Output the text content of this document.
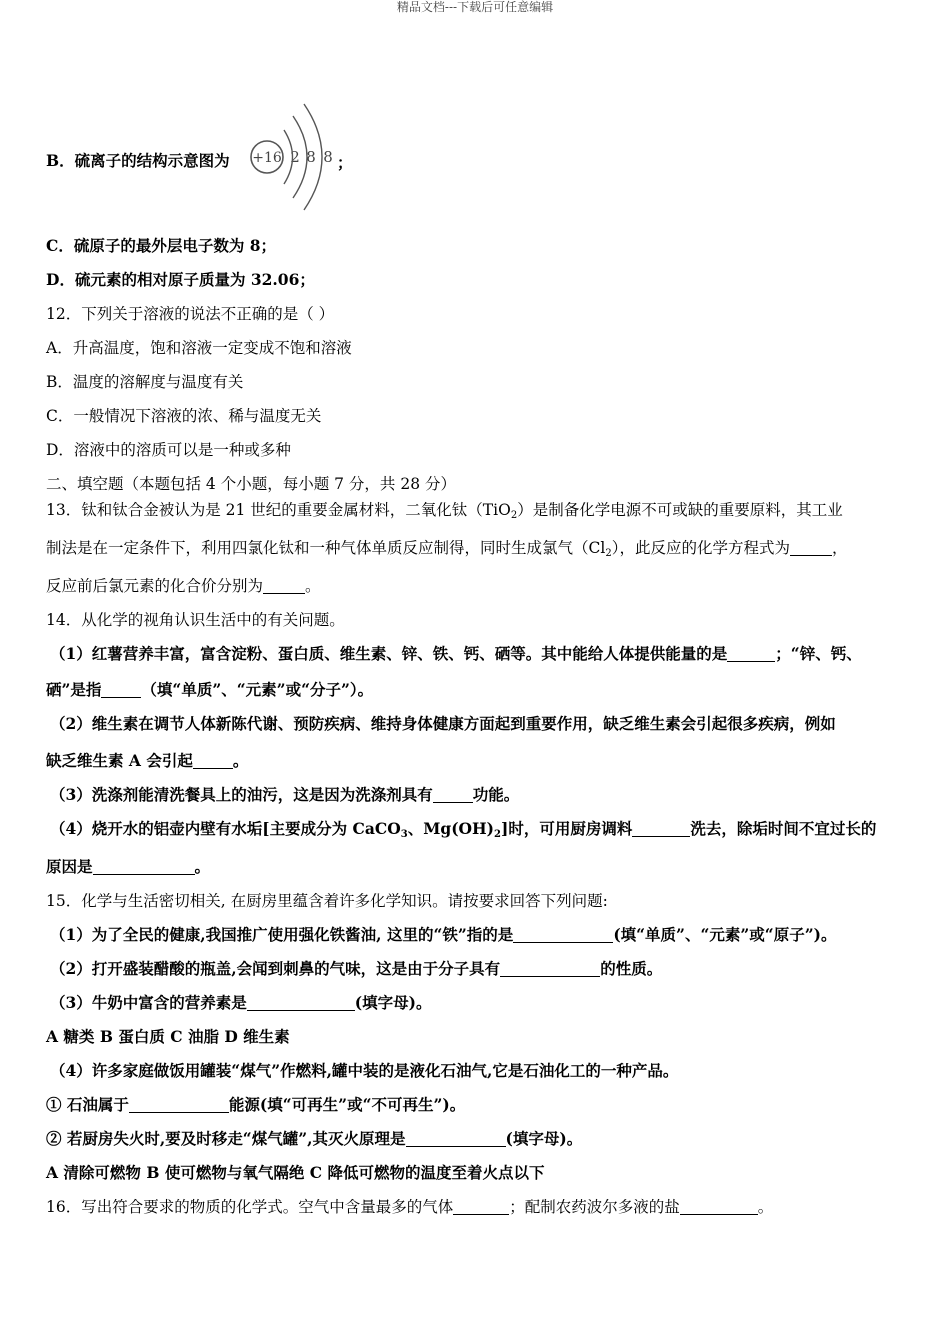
精品文档---下载后可任意编辑
B．硫离子的结构示意图为 +16 2 8 8 ；
C．硫原子的最外层电子数为 8；
D．硫元素的相对原子质量为 32.06；
12．下列关于溶液的说法不正确的是（ ）
A．升高温度，饱和溶液一定变成不饱和溶液
B．温度的溶解度与温度有关
C．一般情况下溶液的浓、稀与温度无关
D．溶液中的溶质可以是一种或多种
二、填空题（本题包括 4 个小题，每小题 7 分，共 28 分）
13．钛和钛合金被认为是 21 世纪的重要金属材料，二氧化钛（TiO$_2$）是制备化学电源不可或缺的重要原料，其工业
制法是在一定条件下，利用四氯化钛和一种气体单质反应制得，同时生成氯气$(Cl_2)$，此反应的化学方程式为	，
反应前后氯元素的化合价分别为	。
14．从化学的视角认识生活中的有关问题。
（1）红薯营养丰富，富含淀粉、蛋白质、维生素、锌、铁、钙、硒等。其中能给人体提供能量的是	；“锌、钙、
硒”是指	（填“单质”、“元素”或“分子”）。
（2）维生素在调节人体新陈代谢、预防疾病、维持身体健康方面起到重要作用，缺乏维生素会引起很多疾病，例如
缺乏维生素 A 会引起	。
（3）洗涤剂能清洗餐具上的油污，这是因为洗涤剂具有	功能。
（4）烧开水的铝壶内壁有水垢[主要成分为 CaCO$_3$、$Mg(OH)_2$]时，可用厨房调料	洗去，除垢时间不宜过长的
原因是	。
15．化学与生活密切相关, 在厨房里蕴含着许多化学知识。请按要求回答下列问题:
（1）为了全民的健康,我国推广使用强化铁酱油, 这里的“铁”指的是	(填“单质”、“元素”或“原子”)。
（2）打开盛装醋酸的瓶盖,会闻到刺鼻的气味，这是由于分子具有	的性质。
（3）牛奶中富含的营养素是	(填字母)。
A 糖类 B 蛋白质 C 油脂 D 维生素
（4）许多家庭做饭用罐装“煤气”作燃料,罐中装的是液化石油气,它是石油化工的一种产品。
① 石油属于	能源(填“可再生”或“不可再生”)。
② 若厨房失火时,要及时移走“煤气罐”,其灭火原理是	(填字母)。
A 清除可燃物 B 使可燃物与氧气隔绝 C 降低可燃物的温度至着火点以下
16．写出符合要求的物质的化学式。空气中含量最多的气体	；配制农药波尔多液的盐	。
